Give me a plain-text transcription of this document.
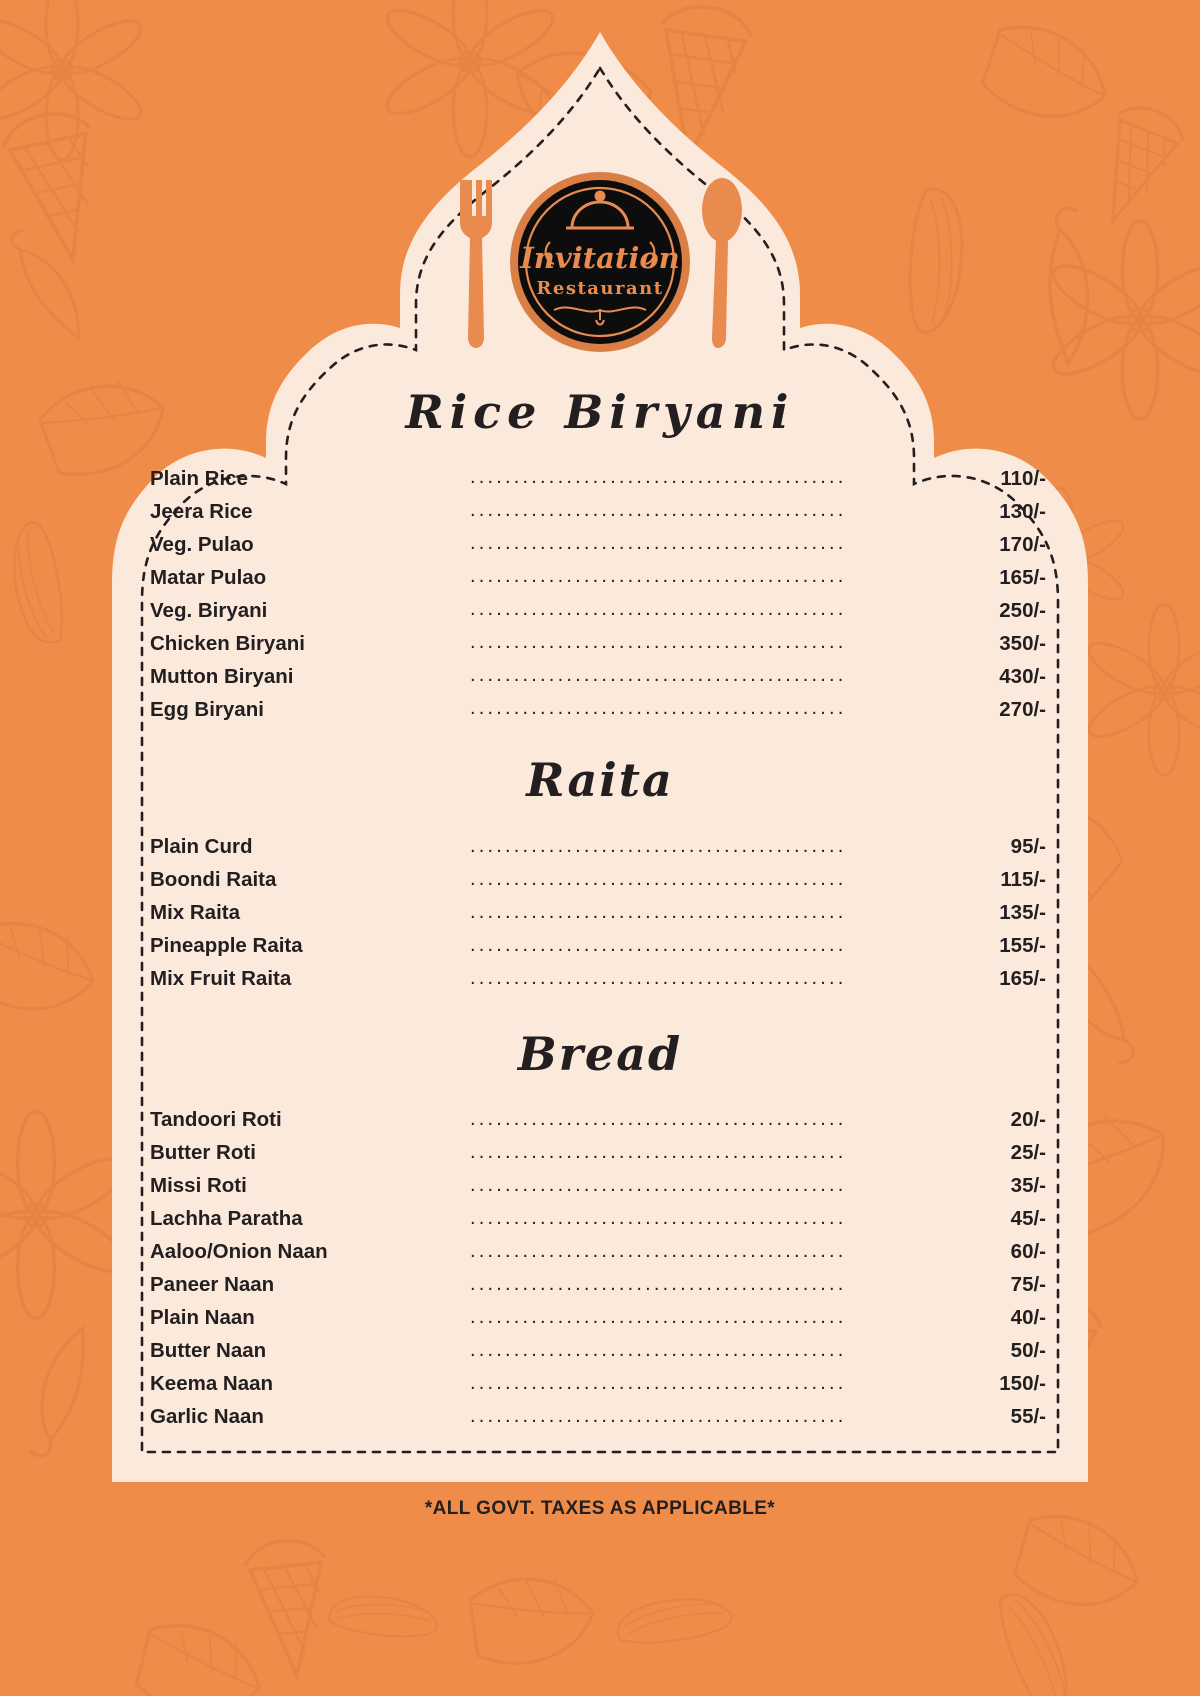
Invitation
Restaurant
Rice Biryani
Plain Rice	...........................................	110/-
Jeera Rice	...........................................	130/-
Veg. Pulao	...........................................	170/-
Matar Pulao	...........................................	165/-
Veg. Biryani	...........................................	250/-
Chicken Biryani	...........................................	350/-
Mutton Biryani	...........................................	430/-
Egg Biryani	...........................................	270/-
Raita
Plain Curd	...........................................	95/-
Boondi Raita	...........................................	115/-
Mix Raita	...........................................	135/-
Pineapple Raita	...........................................	155/-
Mix Fruit Raita	...........................................	165/-
Bread
Tandoori Roti	...........................................	20/-
Butter Roti	...........................................	25/-
Missi Roti	...........................................	35/-
Lachha Paratha	...........................................	45/-
Aaloo/Onion Naan	...........................................	60/-
Paneer Naan	...........................................	75/-
Plain Naan	...........................................	40/-
Butter Naan	...........................................	50/-
Keema Naan	...........................................	150/-
Garlic Naan	...........................................	55/-
*ALL GOVT. TAXES AS APPLICABLE*
